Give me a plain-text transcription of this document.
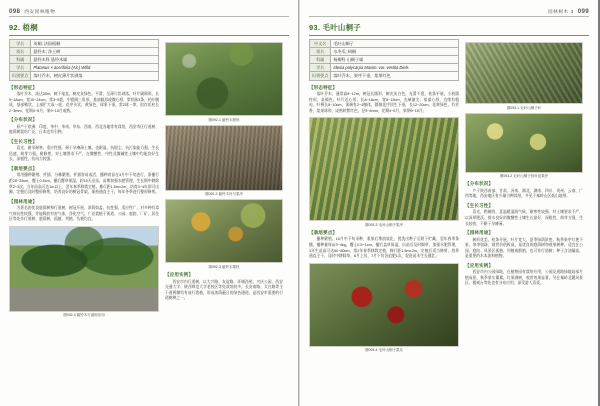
098 西安园林植物
92. 梧桐
学名	英桐; 法国梧桐
别名	悬铃木; 净土树
科属	悬铃木科 悬铃木属
学名	Platanus × acerifolia (Ait.) Willd.
识别要点	落叶乔木，树皮薄片状剥落
【 形态特征 】
落叶乔木，高达30m，树干笔直，树皮灰绿色，平滑，呈薄片状剥落，叶片阔卵形，长9~18cm，宽10~24cm，常3~5裂，中裂阔三角形，基部截形或微心形，掌状脉3条，托叶膜质，基部鞘状，上部扩大成一轮，花序头状，黄绿色，球果下垂，常2球一串，宿存花柱长2~3mm，花期4~5月，果9~10月成熟。
【 分布状况 】
原产于欧洲、印度，华中、华南、华东、西南、西北各地常有栽培，西安市区行道树、庭荫树栽培广泛，日本也有引种。
【 生长习性 】
喜光、耐旱耐寒，适应性强，耐干旱瘠薄土壤，也耐湿，抗烟尘、抗污染能力强，生长迅速，萌芽力强，耐修剪，对土壤要求不严，在微酸性、中性及微碱性土壤中均能良好生长，深根性，抗风力较强。
【 栽培要点 】
常用播种繁殖、扦插、分株繁殖，扦插容易成活，播种育苗在3月中下旬进行，条播行距20~25cm，覆土0.5cm，播后覆草保湿，约15天出苗，苗期加强水肥管理，生长期中耕除草2~3次，当年苗高可达1m以上，翌年春季移栽定植，株行距1.5m×2m，培育3~4年即可出圃，定植后及时整形修剪，培养良好的树冠骨架，保持通直主干，每年冬季进行整形修剪。
【 园林用途 】
为著名的优良庭荫树和行道树，树冠开展、浓荫如盖、抗性强、适应性广，对多种有毒气体抗性较强，并能吸收有害气体，净化空气，广泛栽植于街道、公园、庭院、厂矿、居住区等处作行道树、庭荫树，孤植、列植、丛植均宜。
图092-4 悬铃木行道树应用
图092-1 悬铃木树形
图092-2 悬铃木叶与果序
图092-3 悬铃木果枝
【 应用实例 】
西安市内行道树，以大兴路、友谊路、环城西苑、兴庆公园、西安交通大学、陕西师范大学老校区等处栽培较多，长安南路、太白路等主干道两侧均有成行栽植，形成浓荫蔽日的绿色通道，是西安市重要的行道树种之一。
园林树木 3 099
93. 毛叶山桐子
中文名	毛叶山桐子
别名	水冬瓜; 椅桐
科属	杨柳科 山桐子属
学名	Idesia polycarpa Maxim. var. vestita Diels
识别要点	落叶乔木，果序下垂，浆果红色
【 形态特征 】
落叶乔木，通常高8~12m，树冠长圆形，树皮灰白色，光滑不裂，枝条平展，小枝圆柱形，灰褐色，叶片近心形，长8~16cm，宽8~15cm，先端渐尖，基部心形，边缘有粗齿，叶柄长5~10cm，顶端有2~4腺体，圆锥花序顶生下垂，长12~20cm，花黄绿色，有芳香，浆果球形，成熟时紫红色，径5~6mm，花期4~5月，果期9~10月。
图093-3 毛叶山桐子果序
【 栽培要点 】
播种繁殖。10月中下旬采种，浆果后堆放软化，搓洗出种子后阴干贮藏，翌年春季条播，播种量每亩3~4kg，覆土0.5~1cm，播后盖草保湿，出苗后及时揭草，加强水肥管理，1年生苗高可达60~80cm，第2年春季移栽定植，株行距1.5m×2m，定植后适当修剪，培养通直主干，及时中耕除草，6月上旬、7月下旬各追肥1次，促进苗木生长健壮。
图093-4 毛叶山桐子果实
图093-1 毛叶山桐子叶
图093-2 毛叶山桐子枝叶及果序
【 分布状况 】
产于陕西南部、甘肃、河南、湖北、湖南、四川、贵州、云南、广西等地，西安地区有少量引种栽培，多见于秦岭山区低山地带。
【 生长习性 】
喜光，稍耐阴，喜温暖湿润气候，耐寒性较强，对土壤要求不严，以深厚肥沃、排水良好的微酸性土壤生长最好，深根性，萌芽力强，生长较快，不耐干旱瘠薄。
【 园林用途 】
树形优美，枝条开展，叶片宽大，夏季绿荫浓密，秋季果序红艳下垂，串串如珠，观赏价值极高，是优良的庭荫树和观果树种，适宜在公园、庭院、风景区孤植、列植或群植，也可作行道树；种子含油量高，是重要的木本油料植物。
【 应用实例 】
西安市内公园绿地，在植物园有栽培应用，公园及道路绿地局部片植成景，秋季果实累累，红果满树，观赏效果显著，另在秦岭北麓风景区、楼观台等处也有分布应用，深受游人喜爱。
